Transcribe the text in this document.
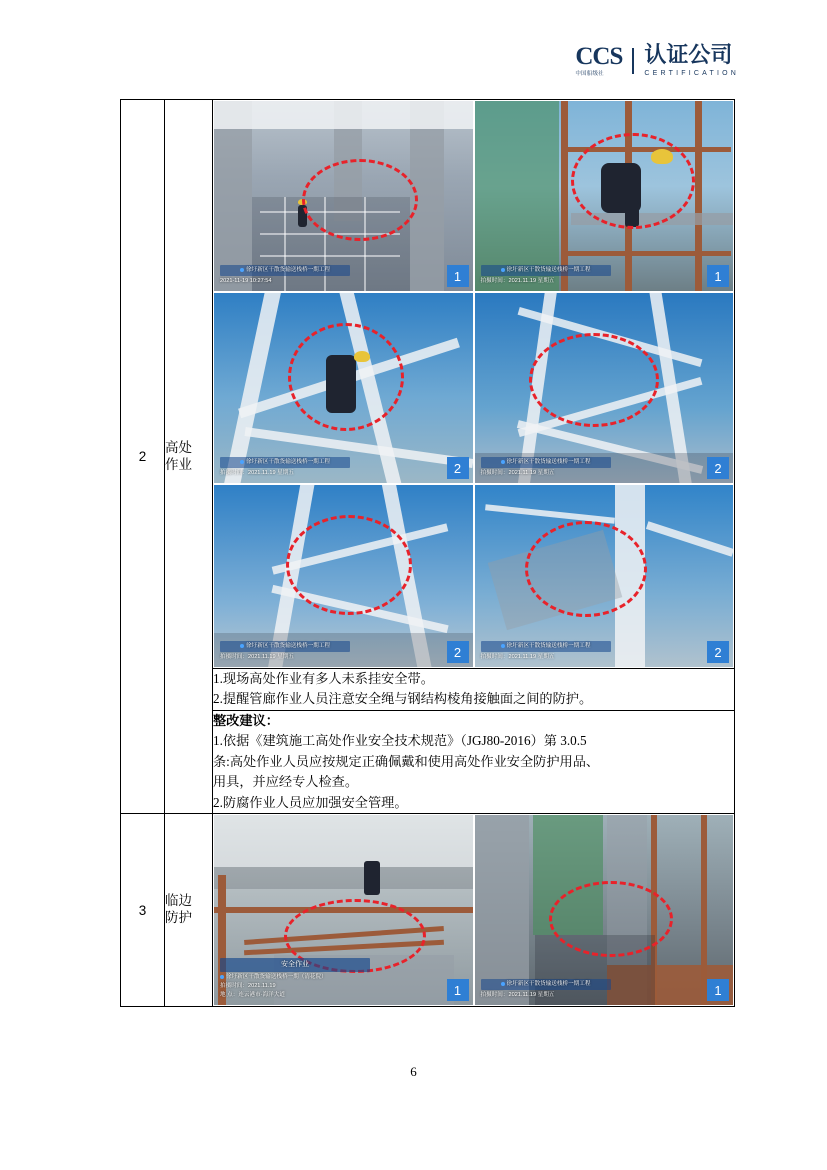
CCS
中国船级社
认证公司
CERTIFICATION
2	高处
作业	
徐圩新区干散货输送栈桥一期工程
2021-11-19 10:27:54	1	徐圩新区干散货输送栈桥一期工程
拍摄时间：2021.11.19 星期五	1
徐圩新区干散货输送栈桥一期工程
拍摄时间：2021.11.19 星期五	2	徐圩新区干散货输送栈桥一期工程
拍摄时间：2021.11.19 星期五	2
徐圩新区干散货输送栈桥一期工程
拍摄时间：2021.11.19 星期五	2	徐圩新区干散货输送栈桥一期工程
拍摄时间：2021.11.19 星期五	2

		1.现场高处作业有多人未系挂安全带。
2.提醒管廊作业人员注意安全绳与钢结构棱角接触面之间的防护。

		整改建议：
1.依据《建筑施工高处作业安全技术规范》（JGJ80-2016）第 3.0.5
条:高处作业人员应按规定正确佩戴和使用高处作业安全防护用品、
用具，并应经专人检查。
2.防腐作业人员应加强安全管理。

3	临边
防护	
安全作业
徐圩新区干散货输送栈桥一期（清花院）
拍摄时间：2021.11.19
地 点：连云港市·海洋大道	1	徐圩新区干散货输送栈桥一期工程
拍摄时间：2021.11.19 星期五	1
6
